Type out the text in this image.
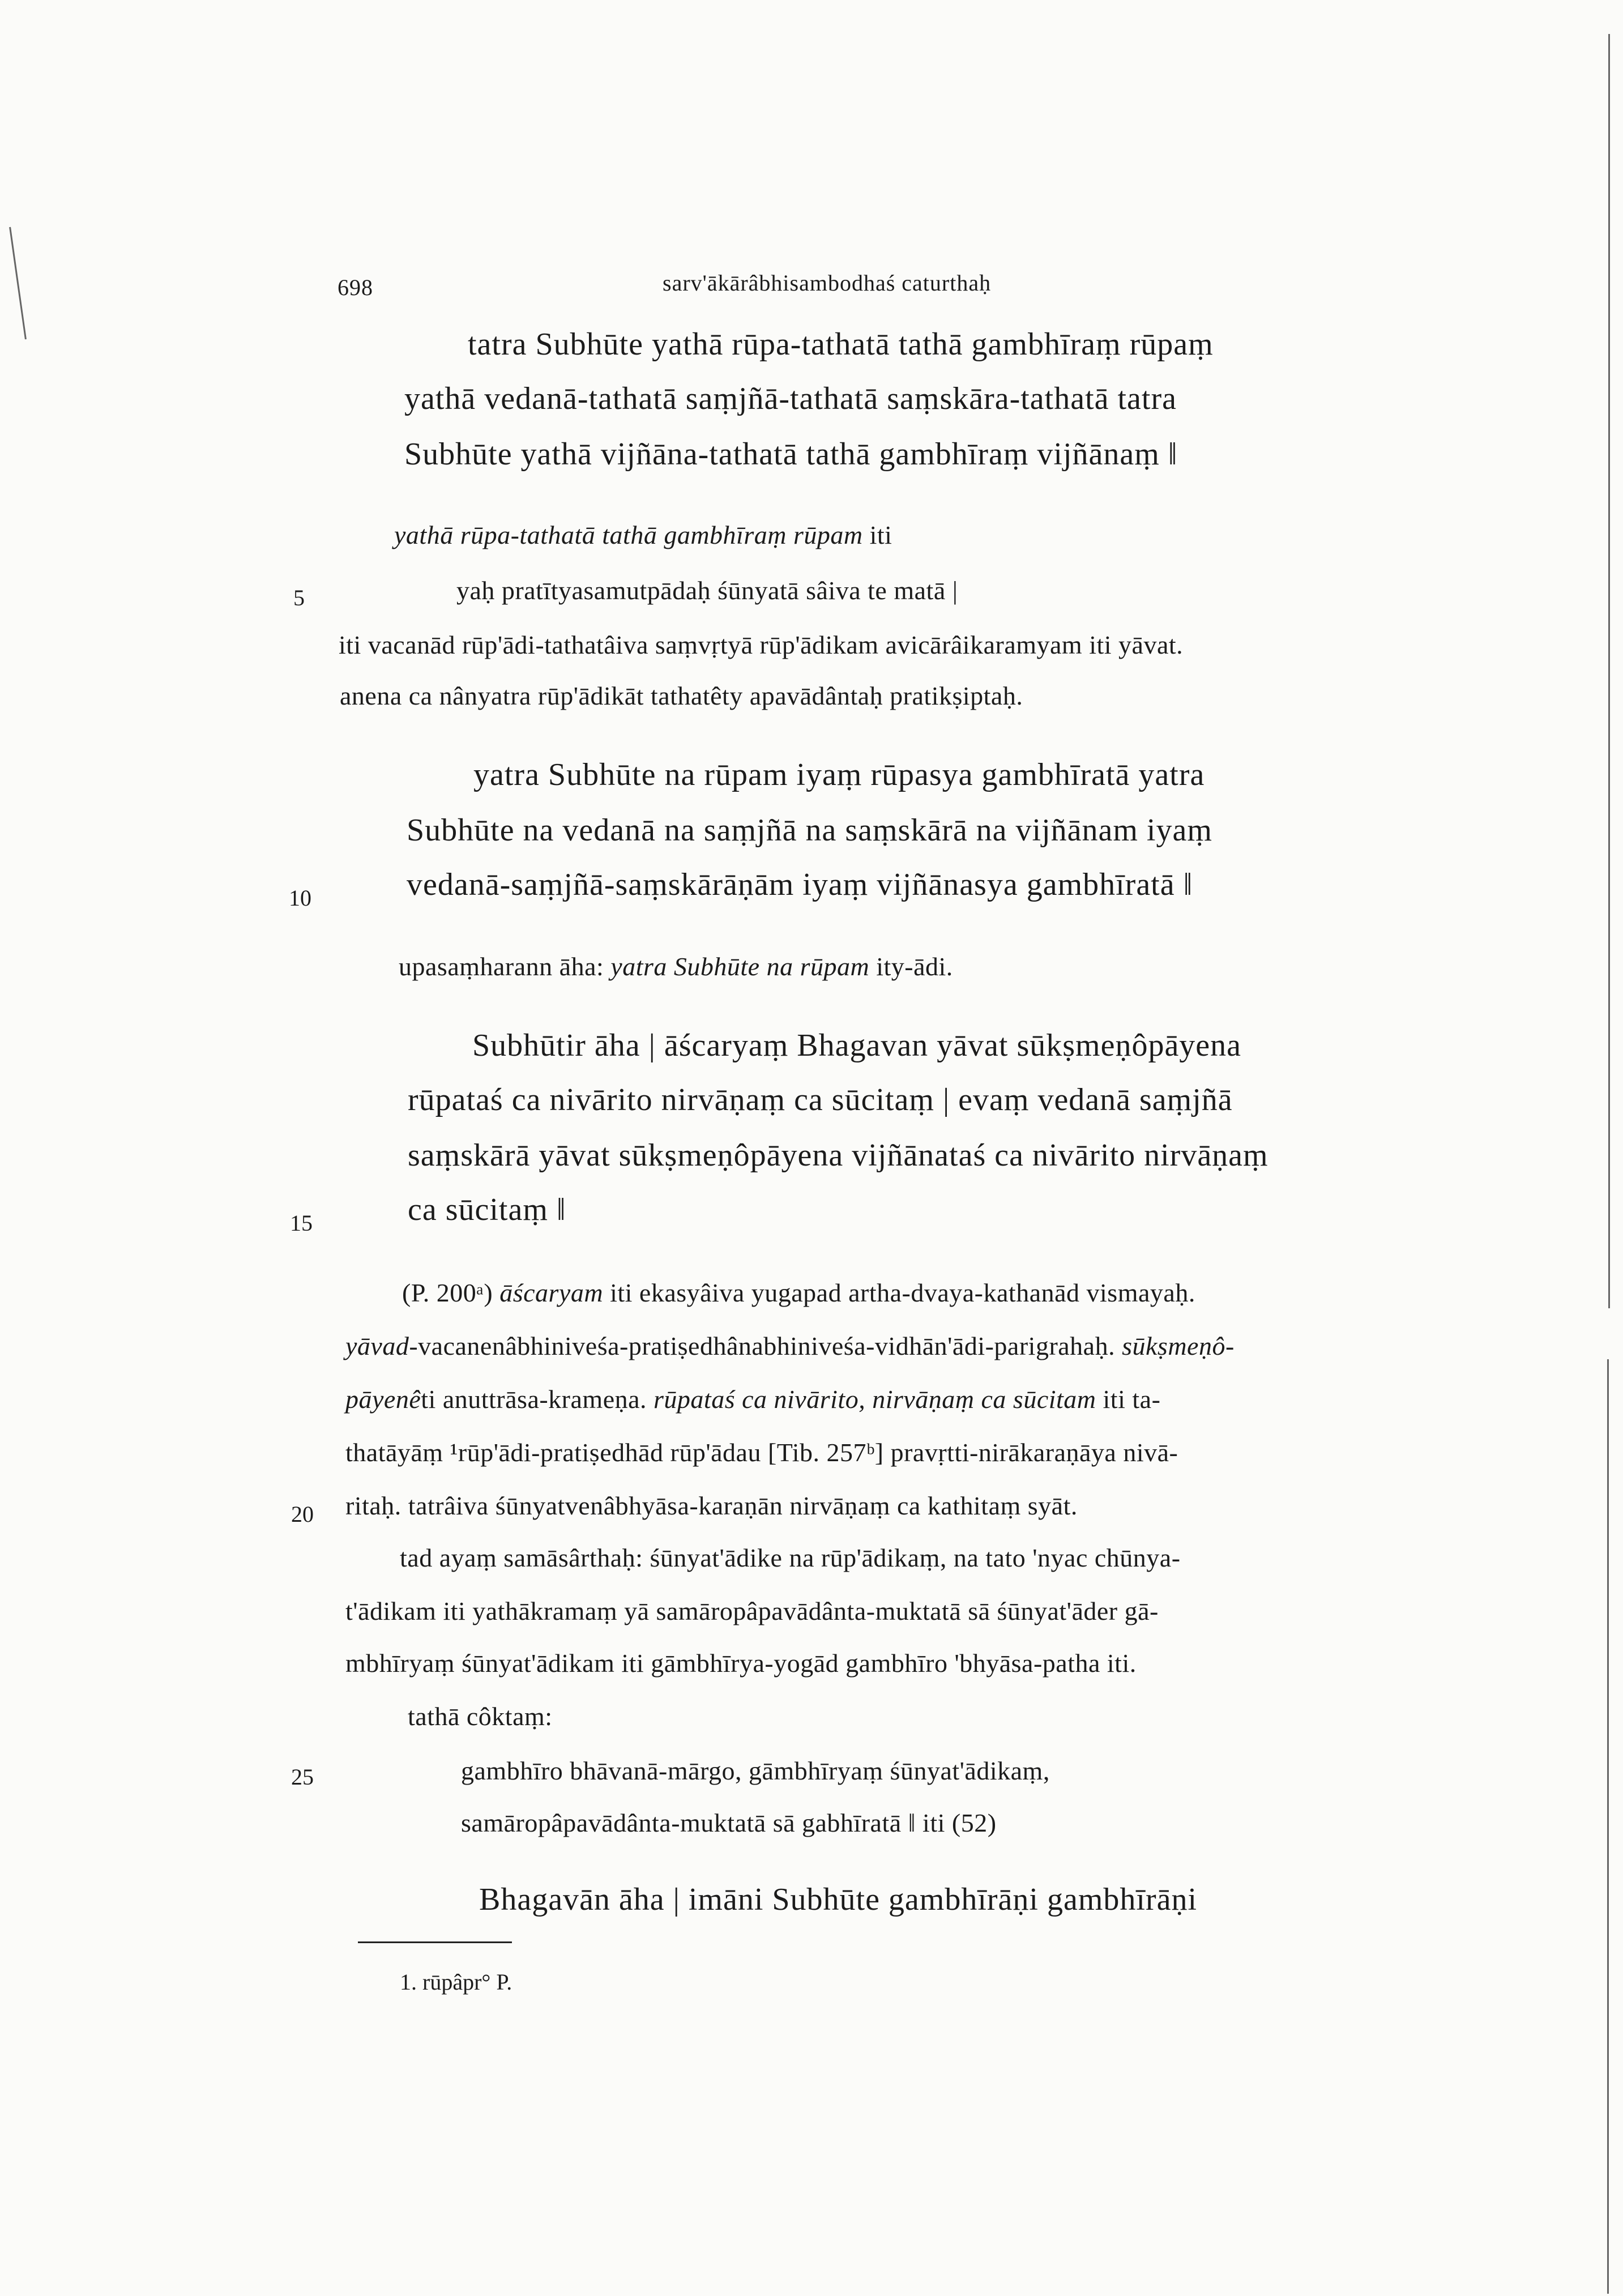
698	sarv'ākārâbhisambodhaś caturthaḥ
5
10
15
20
25
tatra Subhūte yathā rūpa-tathatā tathā gambhīraṃ rūpaṃ
yathā vedanā-tathatā saṃjñā-tathatā saṃskāra-tathatā tatra
Subhūte yathā vijñāna-tathatā tathā gambhīraṃ vijñānaṃ ‖
yathā rūpa-tathatā tathā gambhīraṃ rūpam iti
yaḥ pratītyasamutpādaḥ śūnyatā sâiva te matā |
iti vacanād rūp'ādi-tathatâiva saṃvṛtyā rūp'ādikam avicārâikaramyam iti yāvat.
anena ca nânyatra rūp'ādikāt tathatêty apavādântaḥ pratikṣiptaḥ.
yatra Subhūte na rūpam iyaṃ rūpasya gambhīratā yatra
Subhūte na vedanā na saṃjñā na saṃskārā na vijñānam iyaṃ
vedanā-saṃjñā-saṃskārāṇām iyaṃ vijñānasya gambhīratā ‖
upasaṃharann āha: yatra Subhūte na rūpam ity-ādi.
Subhūtir āha | āścaryaṃ Bhagavan yāvat sūkṣmeṇôpāyena
rūpataś ca nivārito nirvāṇaṃ ca sūcitaṃ | evaṃ vedanā saṃjñā
saṃskārā yāvat sūkṣmeṇôpāyena vijñānataś ca nivārito nirvāṇaṃ
ca sūcitaṃ ‖
(P. 200ᵃ) āścaryam iti ekasyâiva yugapad artha-dvaya-kathanād vismayaḥ.
yāvad-vacanenâbhiniveśa-pratiṣedhânabhiniveśa-vidhān'ādi-parigrahaḥ. sūkṣmeṇô-
pāyenêti anuttrāsa-krameṇa. rūpataś ca nivārito, nirvāṇaṃ ca sūcitam iti ta-
thatāyāṃ ¹rūp'ādi-pratiṣedhād rūp'ādau [Tib. 257ᵇ] pravṛtti-nirākaraṇāya nivā-
ritaḥ. tatrâiva śūnyatvenâbhyāsa-karaṇān nirvāṇaṃ ca kathitaṃ syāt.
tad ayaṃ samāsârthaḥ: śūnyat'ādike na rūp'ādikaṃ, na tato 'nyac chūnya-
t'ādikam iti yathākramaṃ yā samāropâpavādânta-muktatā sā śūnyat'āder gā-
mbhīryaṃ śūnyat'ādikam iti gāmbhīrya-yogād gambhīro 'bhyāsa-patha iti.
tathā côktaṃ:
gambhīro bhāvanā-mārgo, gāmbhīryaṃ śūnyat'ādikaṃ,
samāropâpavādânta-muktatā sā gabhīratā ‖ iti (52)
Bhagavān āha | imāni Subhūte gambhīrāṇi gambhīrāṇi
1. rūpâpr° P.
